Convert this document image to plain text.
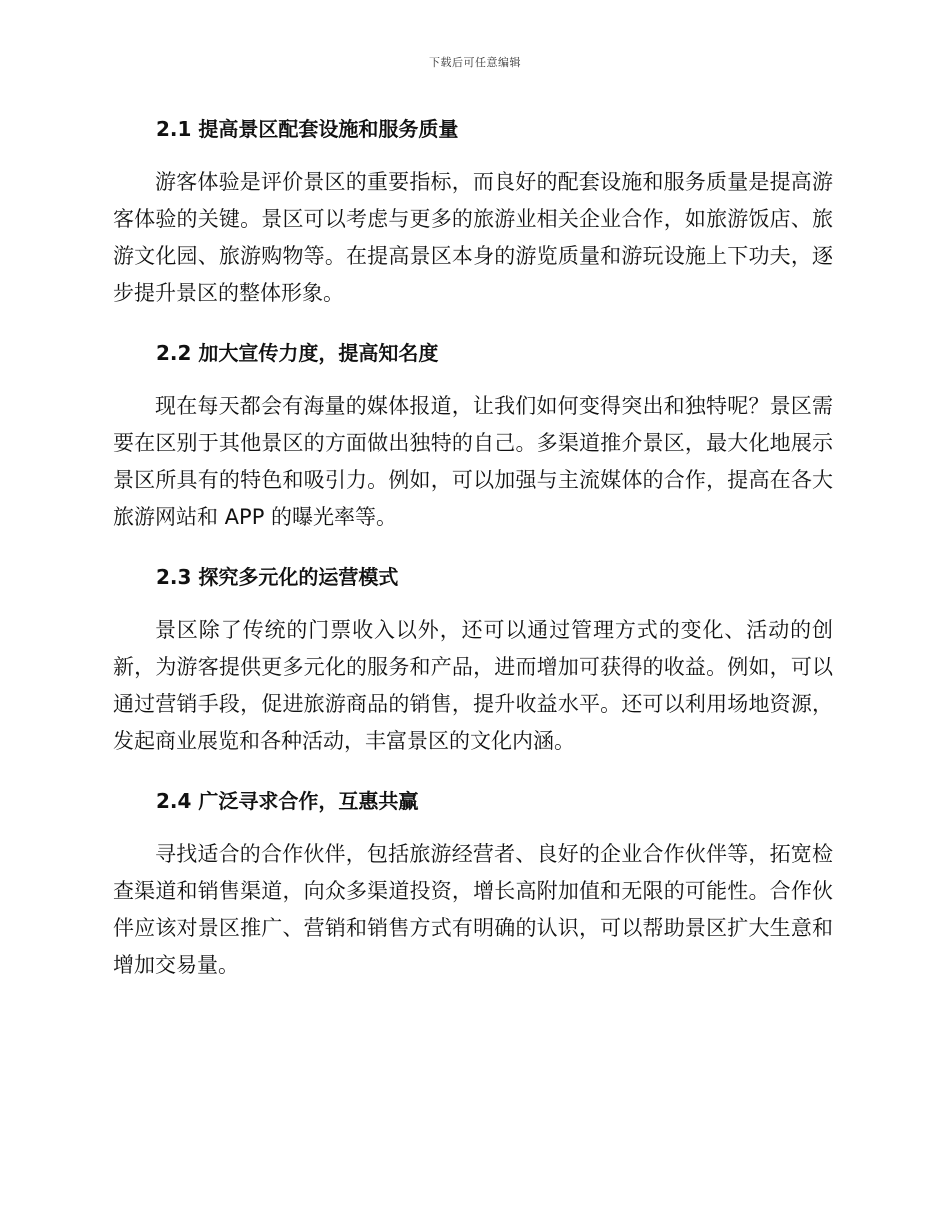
下载后可任意编辑
2.1 提高景区配套设施和服务质量

游客体验是评价景区的重要指标，而良好的配套设施和服务质量是提高游客体验的关键。景区可以考虑与更多的旅游业相关企业合作，如旅游饭店、旅游文化园、旅游购物等。在提高景区本身的游览质量和游玩设施上下功夫，逐步提升景区的整体形象。

2.2 加大宣传力度，提高知名度

现在每天都会有海量的媒体报道，让我们如何变得突出和独特呢？景区需要在区别于其他景区的方面做出独特的自己。多渠道推介景区，最大化地展示景区所具有的特色和吸引力。例如，可以加强与主流媒体的合作，提高在各大旅游网站和 APP 的曝光率等。

2.3 探究多元化的运营模式

景区除了传统的门票收入以外，还可以通过管理方式的变化、活动的创新，为游客提供更多元化的服务和产品，进而增加可获得的收益。例如，可以通过营销手段，促进旅游商品的销售，提升收益水平。还可以利用场地资源，发起商业展览和各种活动，丰富景区的文化内涵。

2.4 广泛寻求合作，互惠共赢

寻找适合的合作伙伴，包括旅游经营者、良好的企业合作伙伴等，拓宽检查渠道和销售渠道，向众多渠道投资，增长高附加值和无限的可能性。合作伙伴应该对景区推广、营销和销售方式有明确的认识，可以帮助景区扩大生意和增加交易量。
